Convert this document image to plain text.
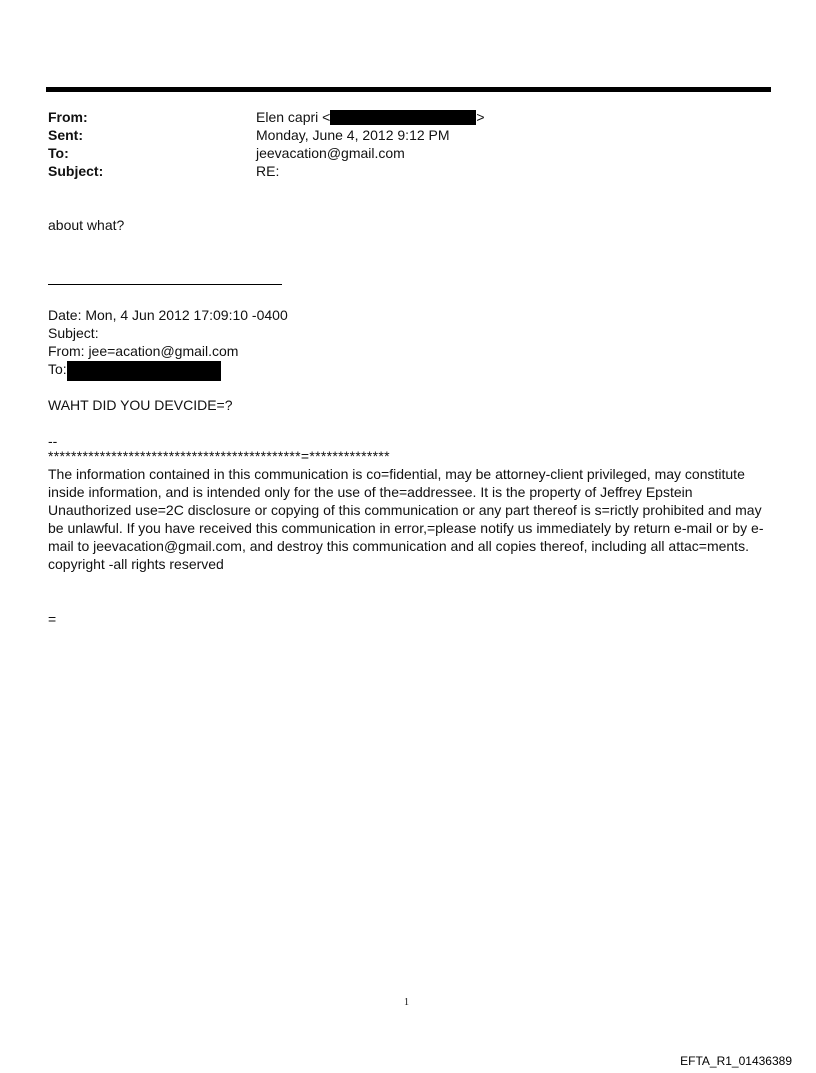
From:	Elen capri <	>
Sent:	Monday, June 4, 2012 9:12 PM
To:	jeevacation@gmail.com
Subject:	RE:
about what?
Date: Mon, 4 Jun 2012 17:09:10 -0400
Subject:
From: jee=acation@gmail.com
To:
WAHT DID YOU DEVCIDE=?
--
********************************************=**************
The information contained in this communication is co=fidential, may be attorney-client privileged, may constitute inside information, and is intended only for the use of the=addressee. It is the property of Jeffrey Epstein Unauthorized use=2C disclosure or copying of this communication or any part thereof is s=rictly prohibited and may be unlawful. If you have received this communication in error,=please notify us immediately by return e-mail or by e-mail to jeevacation@gmail.com, and destroy this communication and all copies thereof, including all attac=ments. copyright -all rights reserved
=
1
EFTA_R1_01436389
